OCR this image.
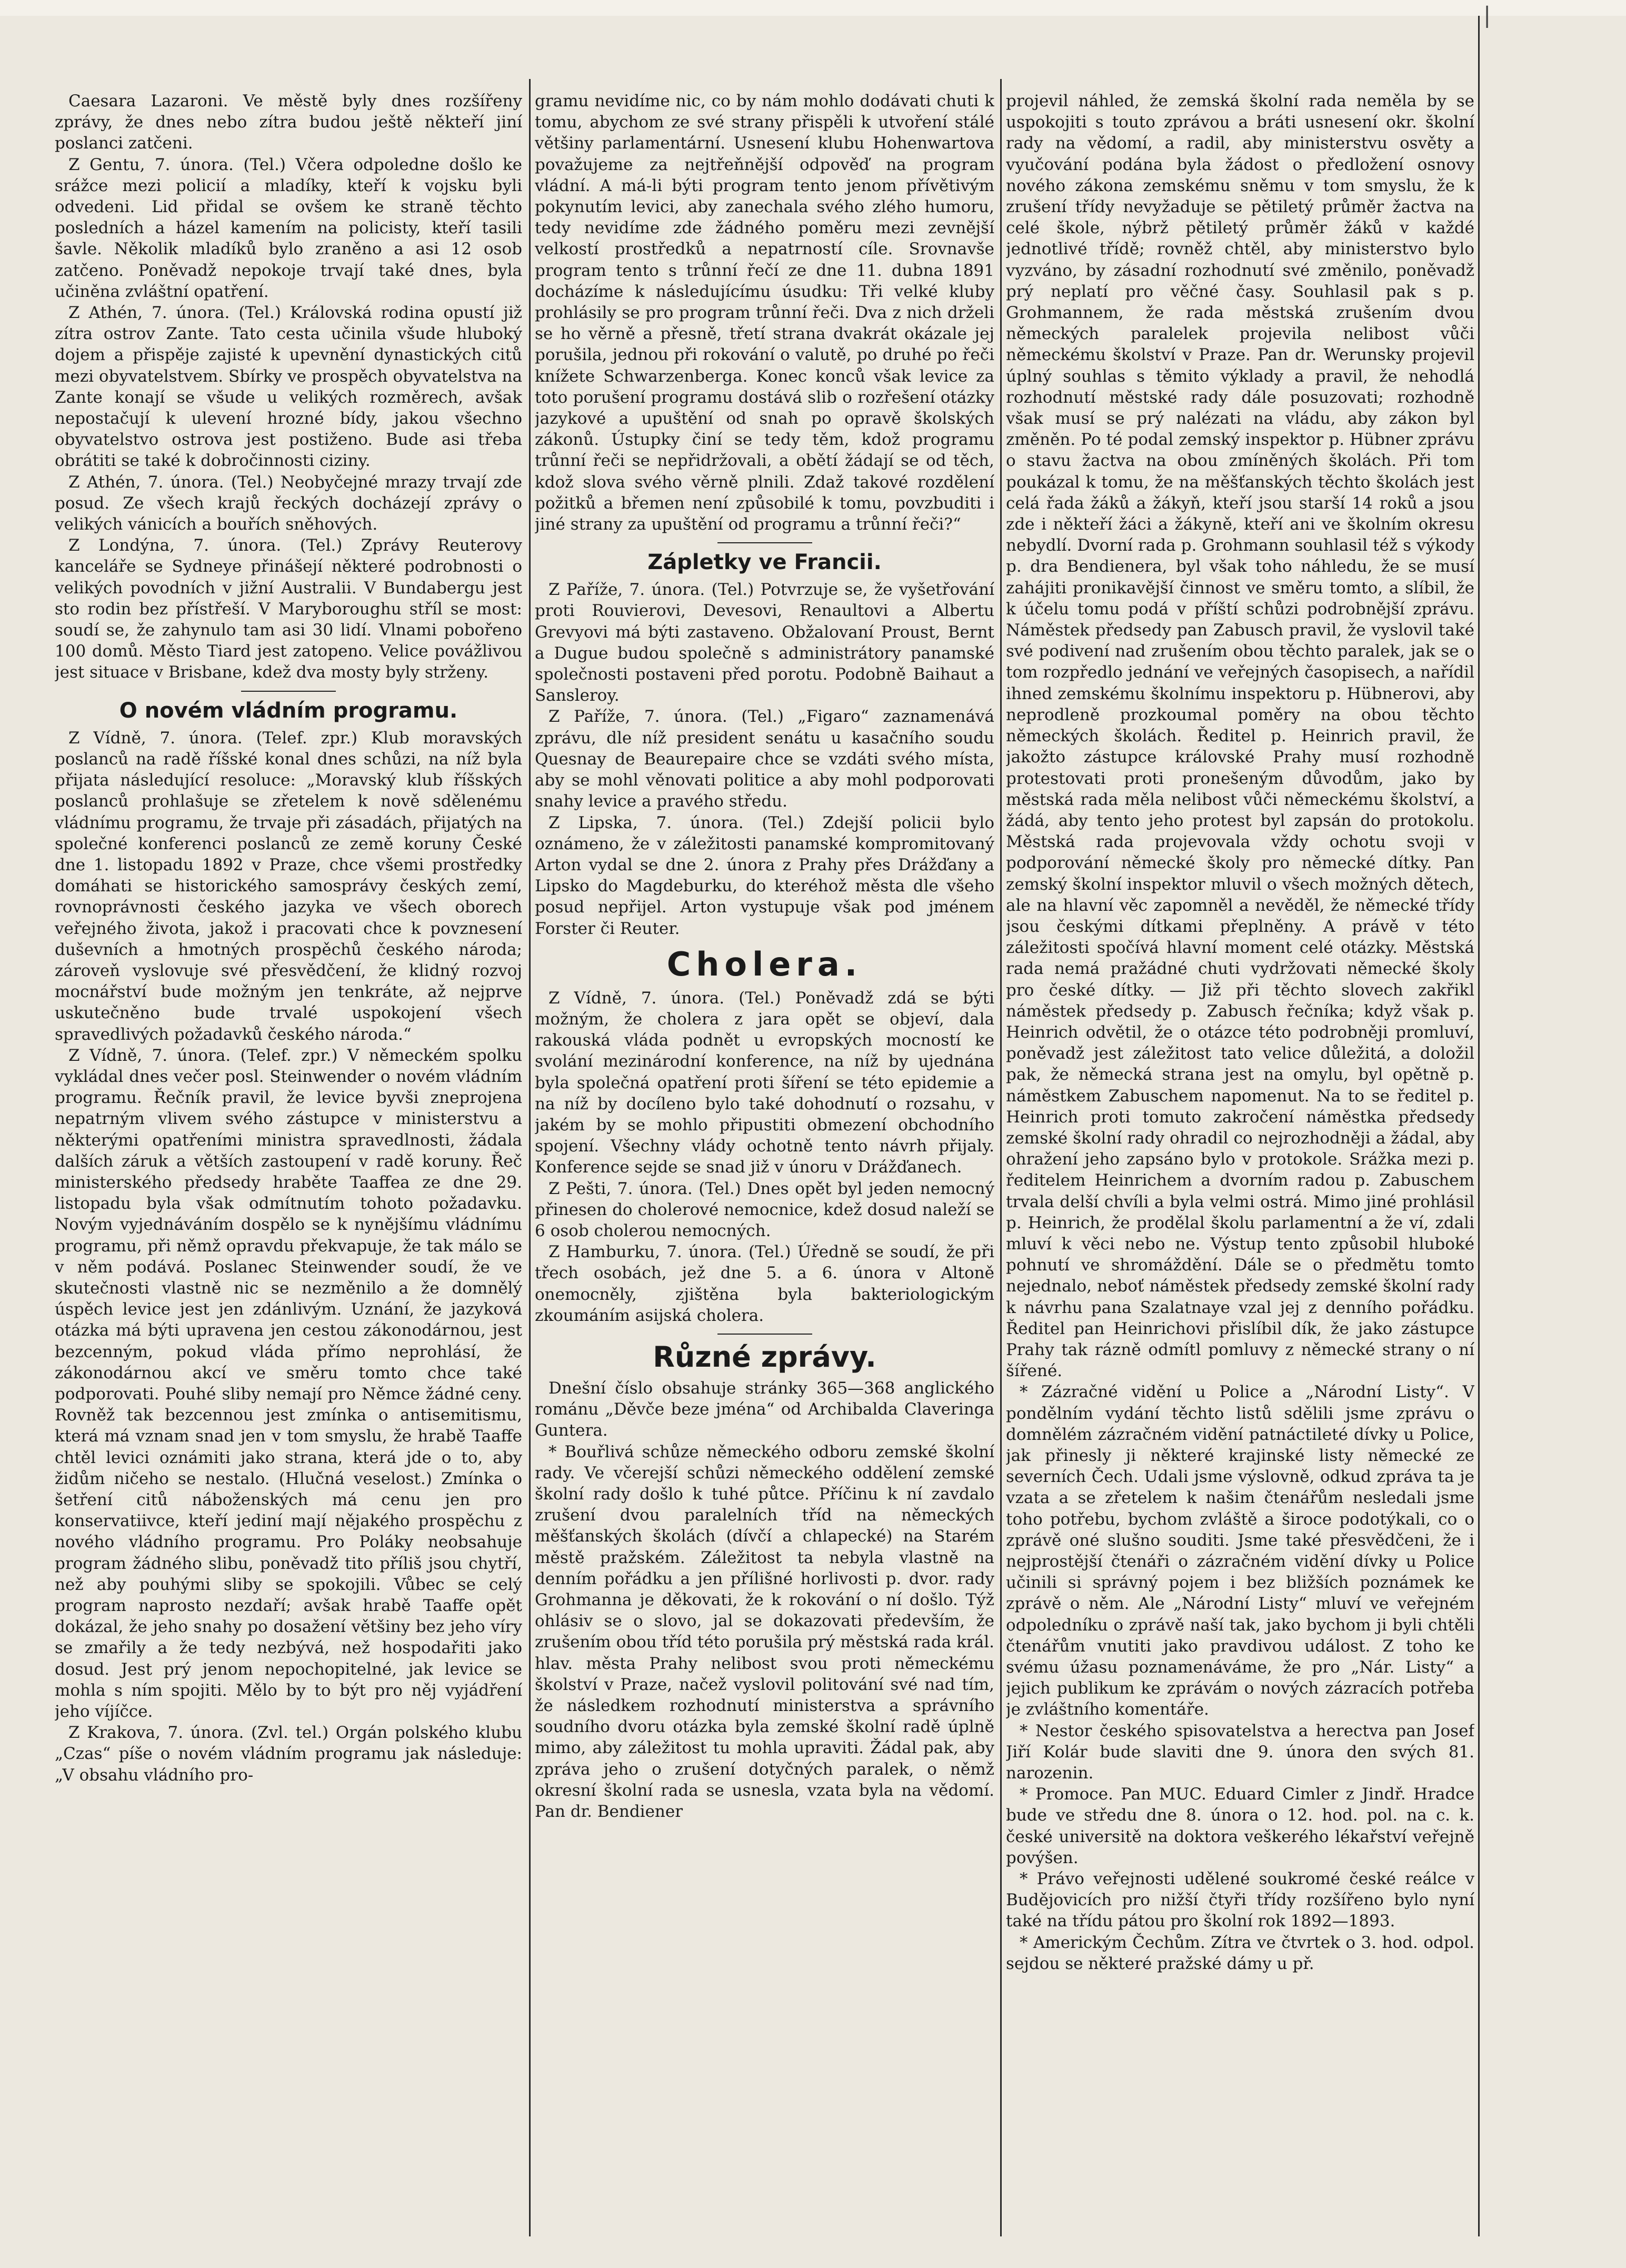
|

Caesara Lazaroni. Ve městě byly dnes rozšířeny zprávy, že dnes nebo zítra budou ještě někteří jiní poslanci zatčeni.

Z Gentu, 7. února. (Tel.) Včera odpoledne došlo ke srážce mezi policií a mladíky, kteří k vojsku byli odvedeni. Lid přidal se ovšem ke straně těchto posledních a házel kamením na policisty, kteří tasili šavle. Několik mladíků bylo zraněno a asi 12 osob zatčeno. Poněvadž nepokoje trvají také dnes, byla učiněna zvláštní opatření.

Z Athén, 7. února. (Tel.) Královská rodina opustí již zítra ostrov Zante. Tato cesta učinila všude hluboký dojem a přispěje zajisté k upevnění dynastických citů mezi obyvatelstvem. Sbírky ve prospěch obyvatelstva na Zante konají se všude u velikých rozměrech, avšak nepostačují k ulevení hrozné bídy, jakou všechno obyvatelstvo ostrova jest postiženo. Bude asi třeba obrátiti se také k dobročinnosti ciziny.

Z Athén, 7. února. (Tel.) Neobyčejné mrazy trvají zde posud. Ze všech krajů řeckých docházejí zprávy o velikých vánicích a bouřích sněhových.

Z Londýna, 7. února. (Tel.) Zprávy Reuterovy kanceláře se Sydneye přinášejí některé podrobnosti o velikých povodních v jižní Australii. V Bundabergu jest sto rodin bez přístřeší. V Maryboroughu stříl se most: soudí se, že zahynulo tam asi 30 lidí. Vlnami pobořeno 100 domů. Město Tiard jest zatopeno. Velice povážlivou jest situace v Brisbane, kdež dva mosty byly strženy.

O novém vládním programu.

Z Vídně, 7. února. (Telef. zpr.) Klub moravských poslanců na radě říšské konal dnes schůzi, na níž byla přijata následující resoluce: „Moravský klub říšských poslanců prohlašuje se zřetelem k nově sdělenému vládnímu programu, že trvaje při zásadách, přijatých na společné konferenci poslanců ze země koruny České dne 1. listopadu 1892 v Praze, chce všemi prostředky domáhati se historického samosprávy českých zemí, rovnoprávnosti českého jazyka ve všech oborech veřejného života, jakož i pracovati chce k povznesení duševních a hmotných prospěchů českého národa; zároveň vyslovuje své přesvědčení, že klidný rozvoj mocnářství bude možným jen tenkráte, až nejprve uskutečněno bude trvalé uspokojení všech spravedlivých požadavků českého národa.“

Z Vídně, 7. února. (Telef. zpr.) V německém spolku vykládal dnes večer posl. Steinwender o novém vládním programu. Řečník pravil, že levice byvši zneprojena nepatrným vlivem svého zástupce v ministerstvu a některými opatřeními ministra spravedlnosti, žádala dalších záruk a větších zastoupení v radě koruny. Řeč ministerského předsedy hraběte Taaffea ze dne 29. listopadu byla však odmítnutím tohoto požadavku. Novým vyjednáváním dospělo se k nynějšímu vládnímu programu, při němž opravdu překvapuje, že tak málo se v něm podává. Poslanec Steinwender soudí, že ve skutečnosti vlastně nic se nezměnilo a že domnělý úspěch levice jest jen zdánlivým. Uznání, že jazyková otázka má býti upravena jen cestou zákonodárnou, jest bezcenným, pokud vláda přímo neprohlásí, že zákonodárnou akcí ve směru tomto chce také podporovati. Pouhé sliby nemají pro Němce žádné ceny. Rovněž tak bezcennou jest zmínka o antisemitismu, která má vznam snad jen v tom smyslu, že hrabě Taaffe chtěl levici oznámiti jako strana, která jde o to, aby židům ničeho se nestalo. (Hlučná veselost.) Zmínka o šetření citů náboženských má cenu jen pro konservatiivce, kteří jediní mají nějakého prospěchu z nového vládního programu. Pro Poláky neobsahuje program žádného slibu, poněvadž tito příliš jsou chytří, než aby pouhými sliby se spokojili. Vůbec se celý program naprosto nezdaří; avšak hrabě Taaffe opět dokázal, že jeho snahy po dosažení většiny bez jeho víry se zmařily a že tedy nezbývá, než hospodařiti jako dosud. Jest prý jenom nepochopitelné, jak levice se mohla s ním spojiti. Mělo by to být pro něj vyjádření jeho víjíčce.

Z Krakova, 7. února. (Zvl. tel.) Orgán polského klubu „Czas“ píše o novém vládním programu jak následuje: „V obsahu vládního pro-

gramu nevidíme nic, co by nám mohlo dodávati chuti k tomu, abychom ze své strany přispěli k utvoření stálé většiny parlamentární. Usnesení klubu Hohenwartova považujeme za nejtřeňnější odpověď na program vládní. A má-li býti program tento jenom přívětivým pokynutím levici, aby zanechala svého zlého humoru, tedy nevidíme zde žádného poměru mezi zevnější velkostí prostředků a nepatrností cíle. Srovnavše program tento s trůnní řečí ze dne 11. dubna 1891 docházíme k následujícímu úsudku: Tři velké kluby prohlásily se pro program trůnní řeči. Dva z nich drželi se ho věrně a přesně, třetí strana dvakrát okázale jej porušila, jednou při rokování o valutě, po druhé po řeči knížete Schwarzenberga. Konec konců však levice za toto porušení programu dostává slib o rozřešení otázky jazykové a upuštění od snah po opravě školských zákonů. Ústupky činí se tedy těm, kdož programu trůnní řeči se nepřidržovali, a obětí žádají se od těch, kdož slova svého věrně plnili. Zdaž takové rozdělení požitků a břemen není způsobilé k tomu, povzbuditi i jiné strany za upuštění od programu a trůnní řeči?“

Zápletky ve Francii.

Z Paříže, 7. února. (Tel.) Potvrzuje se, že vyšetřování proti Rouvierovi, Devesovi, Renaultovi a Albertu Grevyovi má býti zastaveno. Obžalovaní Proust, Bernt a Dugue budou společně s administrátory panamské společnosti postaveni před porotu. Podobně Baihaut a Sansleroy.

Z Paříže, 7. února. (Tel.) „Figaro“ zaznamenává zprávu, dle níž president senátu u kasačního soudu Quesnay de Beaurepaire chce se vzdáti svého místa, aby se mohl věnovati politice a aby mohl podporovati snahy levice a pravého středu.

Z Lipska, 7. února. (Tel.) Zdejší policii bylo oznámeno, že v záležitosti panamské kompromitovaný Arton vydal se dne 2. února z Prahy přes Drážďany a Lipsko do Magdeburku, do kteréhož města dle všeho posud nepřijel. Arton vystupuje však pod jménem Forster či Reuter.

Cholera.

Z Vídně, 7. února. (Tel.) Poněvadž zdá se býti možným, že cholera z jara opět se objeví, dala rakouská vláda podnět u evropských mocností ke svolání mezinárodní konference, na níž by ujednána byla společná opatření proti šíření se této epidemie a na níž by docíleno bylo také dohodnutí o rozsahu, v jakém by se mohlo připustiti obmezení obchodního spojení. Všechny vlády ochotně tento návrh přijaly. Konference sejde se snad již v únoru v Drážďanech.

Z Pešti, 7. února. (Tel.) Dnes opět byl jeden nemocný přinesen do cholerové nemocnice, kdež dosud naleží se 6 osob cholerou nemocných.

Z Hamburku, 7. února. (Tel.) Úředně se soudí, že při třech osobách, jež dne 5. a 6. února v Altoně onemocněly, zjištěna byla bakteriologickým zkoumáním asijská cholera.

Různé zprávy.

Dnešní číslo obsahuje stránky 365—368 anglického románu „Děvče beze jména“ od Archibalda Claveringa Guntera.

* Bouřlivá schůze německého odboru zemské školní rady. Ve včerejší schůzi německého oddělení zemské školní rady došlo k tuhé půtce. Příčinu k ní zavdalo zrušení dvou paralelních tříd na německých měšťanských školách (dívčí a chlapecké) na Starém městě pražském. Záležitost ta nebyla vlastně na denním pořádku a jen přílišné horlivosti p. dvor. rady Grohmanna je děkovati, že k rokování o ní došlo. Týž ohlásiv se o slovo, jal se dokazovati především, že zrušením obou tříd této porušila prý městská rada král. hlav. města Prahy nelibost svou proti německému školství v Praze, načež vyslovil politování své nad tím, že následkem rozhodnutí ministerstva a správního soudního dvoru otázka byla zemské školní radě úplně mimo, aby záležitost tu mohla upraviti. Žádal pak, aby zpráva jeho o zrušení dotyčných paralek, o němž okresní školní rada se usnesla, vzata byla na vědomí. Pan dr. Bendiener

projevil náhled, že zemská školní rada neměla by se uspokojiti s touto zprávou a bráti usnesení okr. školní rady na vědomí, a radil, aby ministerstvu osvěty a vyučování podána byla žádost o předložení osnovy nového zákona zemskému sněmu v tom smyslu, že k zrušení třídy nevyžaduje se pětiletý průměr žactva na celé škole, nýbrž pětiletý průměr žáků v každé jednotlivé třídě; rovněž chtěl, aby ministerstvo bylo vyzváno, by zásadní rozhodnutí své změnilo, poněvadž prý neplatí pro věčné časy. Souhlasil pak s p. Grohmannem, že rada městská zrušením dvou německých paralelek projevila nelibost vůči německému školství v Praze. Pan dr. Werunsky projevil úplný souhlas s těmito výklady a pravil, že nehodlá rozhodnutí městské rady dále posuzovati; rozhodně však musí se prý nalézati na vládu, aby zákon byl změněn. Po té podal zemský inspektor p. Hübner zprávu o stavu žactva na obou zmíněných školách. Při tom poukázal k tomu, že na měšťanských těchto školách jest celá řada žáků a žákyň, kteří jsou starší 14 roků a jsou zde i někteří žáci a žákyně, kteří ani ve školním okresu nebydlí. Dvorní rada p. Grohmann souhlasil též s výkody p. dra Bendienera, byl však toho náhledu, že se musí zahájiti pronikavější činnost ve směru tomto, a slíbil, že k účelu tomu podá v příští schůzi podrobnější zprávu. Náměstek předsedy pan Zabusch pravil, že vyslovil také své podivení nad zrušením obou těchto paralek, jak se o tom rozpředlo jednání ve veřejných časopisech, a nařídil ihned zemskému školnímu inspektoru p. Hübnerovi, aby neprodleně prozkoumal poměry na obou těchto německých školách. Ředitel p. Heinrich pravil, že jakožto zástupce královské Prahy musí rozhodně protestovati proti pronešeným důvodům, jako by městská rada měla nelibost vůči německému školství, a žádá, aby tento jeho protest byl zapsán do protokolu. Městská rada projevovala vždy ochotu svoji v podporování německé školy pro německé dítky. Pan zemský školní inspektor mluvil o všech možných dětech, ale na hlavní věc zapomněl a nevěděl, že německé třídy jsou českými dítkami přeplněny. A právě v této záležitosti spočívá hlavní moment celé otázky. Městská rada nemá pražádné chuti vydržovati německé školy pro české dítky. — Již při těchto slovech zakřikl náměstek předsedy p. Zabusch řečníka; když však p. Heinrich odvětil, že o otázce této podrobněji promluví, poněvadž jest záležitost tato velice důležitá, a doložil pak, že německá strana jest na omylu, byl opětně p. náměstkem Zabuschem napomenut. Na to se ředitel p. Heinrich proti tomuto zakročení náměstka předsedy zemské školní rady ohradil co nejrozhodněji a žádal, aby ohražení jeho zapsáno bylo v protokole. Srážka mezi p. ředitelem Heinrichem a dvorním radou p. Zabuschem trvala delší chvíli a byla velmi ostrá. Mimo jiné prohlásil p. Heinrich, že prodělal školu parlamentní a že ví, zdali mluví k věci nebo ne. Výstup tento způsobil hluboké pohnutí ve shromáždění. Dále se o předmětu tomto nejednalo, neboť náměstek předsedy zemské školní rady k návrhu pana Szalatnaye vzal jej z denního pořádku. Ředitel pan Heinrichovi přislíbil dík, že jako zástupce Prahy tak rázně odmítl pomluvy z německé strany o ní šířené.

* Zázračné vidění u Police a „Národní Listy“. V pondělním vydání těchto listů sdělili jsme zprávu o domnělém zázračném vidění patnáctileté dívky u Police, jak přinesly ji některé krajinské listy německé ze severních Čech. Udali jsme výslovně, odkud zpráva ta je vzata a se zřetelem k našim čtenářům nesledali jsme toho potřebu, bychom zvláště a široce podotýkali, co o zprávě oné slušno souditi. Jsme také přesvědčeni, že i nejprostější čtenáři o zázračném vidění dívky u Police učinili si správný pojem i bez bližších poznámek ke zprávě o něm. Ale „Národní Listy“ mluví ve veřejném odpoledníku o zprávě naší tak, jako bychom ji byli chtěli čtenářům vnutiti jako pravdivou událost. Z toho ke svému úžasu poznamenáváme, že pro „Nár. Listy“ a jejich publikum ke zprávám o nových zázracích potřeba je zvláštního komentáře.

* Nestor českého spisovatelstva a herectva pan Josef Jiří Kolár bude slaviti dne 9. února den svých 81. narozenin.

* Promoce. Pan MUC. Eduard Cimler z Jindř. Hradce bude ve středu dne 8. února o 12. hod. pol. na c. k. české universitě na doktora veškerého lékařství veřejně povýšen.

* Právo veřejnosti udělené soukromé české reálce v Budějovicích pro nižší čtyři třídy rozšířeno bylo nyní také na třídu pátou pro školní rok 1892—1893.

* Americkým Čechům. Zítra ve čtvrtek o 3. hod. odpol. sejdou se některé pražské dámy u př.
